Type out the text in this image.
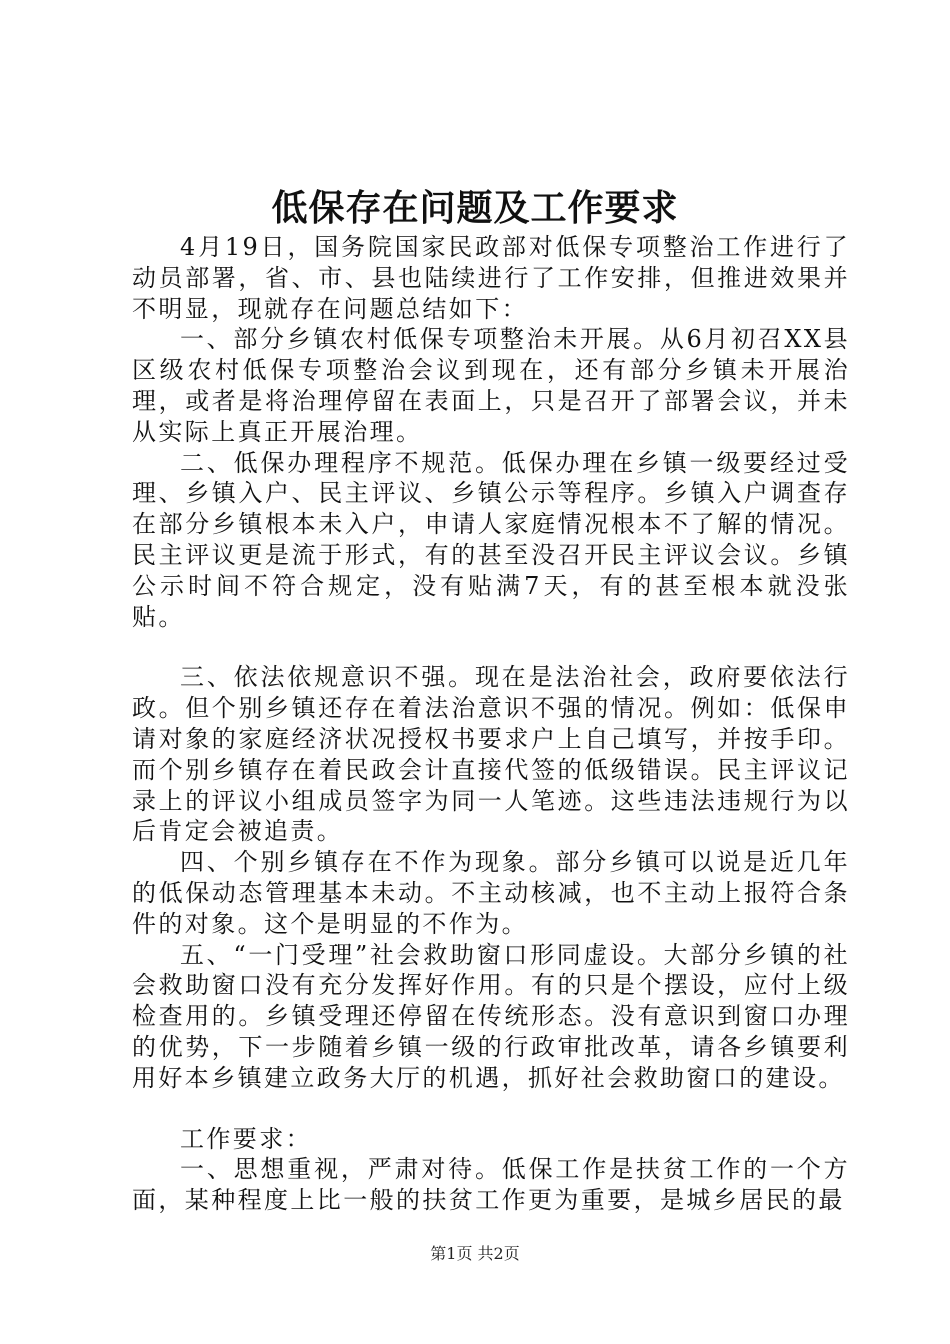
低保存在问题及工作要求

4月19日，国务院国家民政部对低保专项整治工作进行了动员部署，省、市、县也陆续进行了工作安排，但推进效果并不明显，现就存在问题总结如下：

一、部分乡镇农村低保专项整治未开展。从6月初召XX县区级农村低保专项整治会议到现在，还有部分乡镇未开展治理，或者是将治理停留在表面上，只是召开了部署会议，并未从实际上真正开展治理。

二、低保办理程序不规范。低保办理在乡镇一级要经过受理、乡镇入户、民主评议、乡镇公示等程序。乡镇入户调查存在部分乡镇根本未入户，申请人家庭情况根本不了解的情况。民主评议更是流于形式，有的甚至没召开民主评议会议。乡镇公示时间不符合规定，没有贴满7天，有的甚至根本就没张贴。

三、依法依规意识不强。现在是法治社会，政府要依法行政。但个别乡镇还存在着法治意识不强的情况。例如：低保申请对象的家庭经济状况授权书要求户上自己填写，并按手印。而个别乡镇存在着民政会计直接代签的低级错误。民主评议记录上的评议小组成员签字为同一人笔迹。这些违法违规行为以后肯定会被追责。

四、个别乡镇存在不作为现象。部分乡镇可以说是近几年的低保动态管理基本未动。不主动核减，也不主动上报符合条件的对象。这个是明显的不作为。

五、“一门受理”社会救助窗口形同虚设。大部分乡镇的社会救助窗口没有充分发挥好作用。有的只是个摆设，应付上级检查用的。乡镇受理还停留在传统形态。没有意识到窗口办理的优势，下一步随着乡镇一级的行政审批改革，请各乡镇要利用好本乡镇建立政务大厅的机遇，抓好社会救助窗口的建设。

工作要求：

一、思想重视，严肃对待。低保工作是扶贫工作的一个方面，某种程度上比一般的扶贫工作更为重要，是城乡居民的最

第1页 共2页
